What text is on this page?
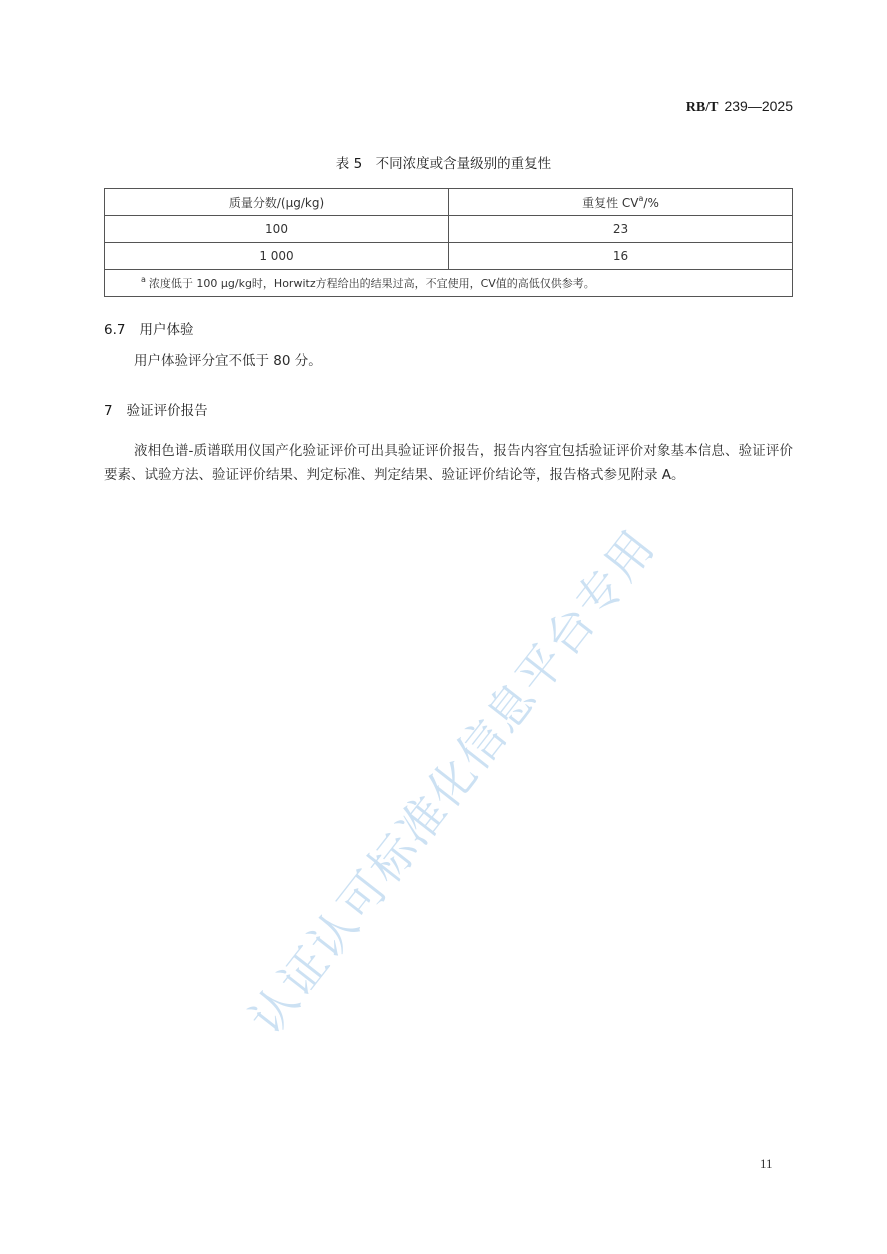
RB/T 239—2025
表 5　不同浓度或含量级别的重复性
质量分数/(μg/kg)	重复性 $CV^a/\%$
100	23
1 000	16
$^a$ 浓度低于 100 μg/kg时，Horwitz方程给出的结果过高，不宜使用，CV值的高低仅供参考。	
6.7 用户体验
用户体验评分宜不低于 80 分。
7 验证评价报告
液相色谱-质谱联用仪国产化验证评价可出具验证评价报告，报告内容宜包括验证评价对象基本信息、验证评价要素、试验方法、验证评价结果、判定标准、判定结果、验证评价结论等，报告格式参见附录 A。
认证认可标准化信息平台专用
11
